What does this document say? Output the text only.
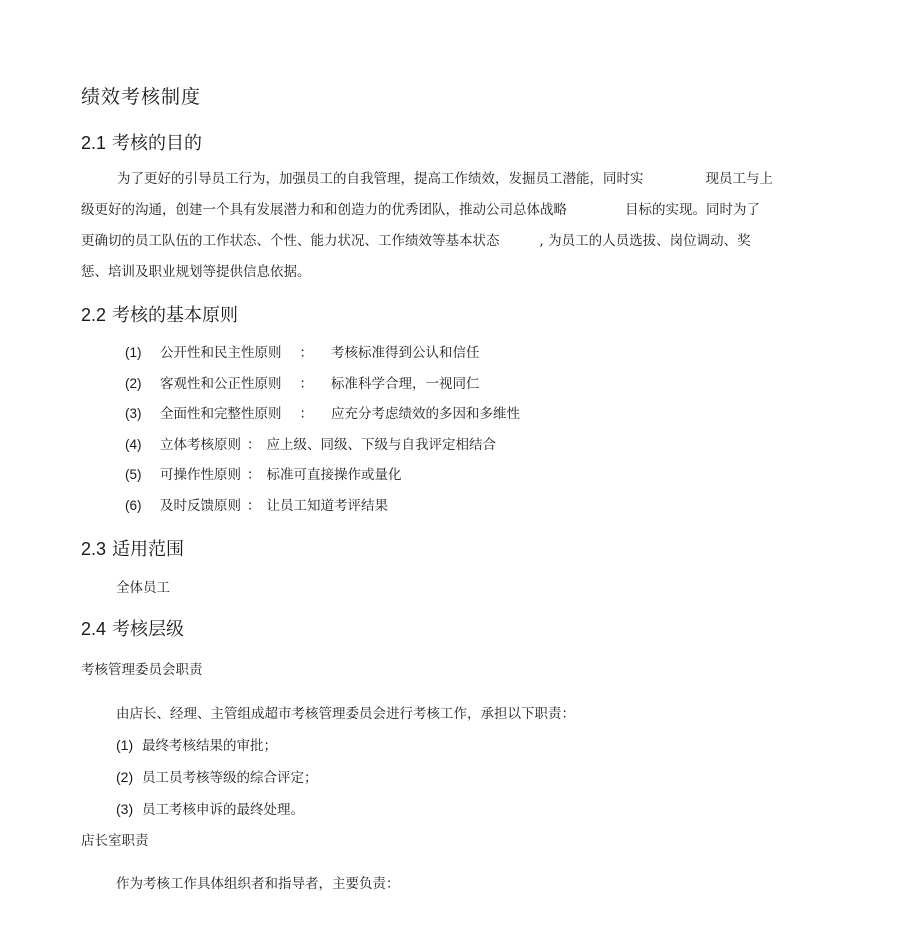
绩效考核制度
2.1 考核的目的
为了更好的引导员工行为，加强员工的自我管理，提高工作绩效，发掘员工潜能，同时实	现员工与上
级更好的沟通，创建一个具有发展潜力和和创造力的优秀团队，推动公司总体战略	目标的实现。同时为了
更确切的员工队伍的工作状态、个性、能力状况、工作绩效等基本状态	, 为员工的人员选拔、岗位调动、奖
惩、培训及职业规划等提供信息依据。
2.2 考核的基本原则
(1) 公开性和民主性原则 ： 考核标准得到公认和信任
(2) 客观性和公正性原则 ： 标准科学合理，一视同仁
(3) 全面性和完整性原则 ： 应充分考虑绩效的多因和多维性
(4) 立体考核原则 ： 应上级、同级、下级与自我评定相结合
(5) 可操作性原则 ： 标准可直接操作或量化
(6) 及时反馈原则 ： 让员工知道考评结果
2.3 适用范围
全体员工
2.4 考核层级
考核管理委员会职责
由店长、经理、主管组成超市考核管理委员会进行考核工作，承担以下职责：
(1) 最终考核结果的审批；
(2) 员工员考核等级的综合评定；
(3) 员工考核申诉的最终处理。
店长室职责
作为考核工作具体组织者和指导者，主要负责：
